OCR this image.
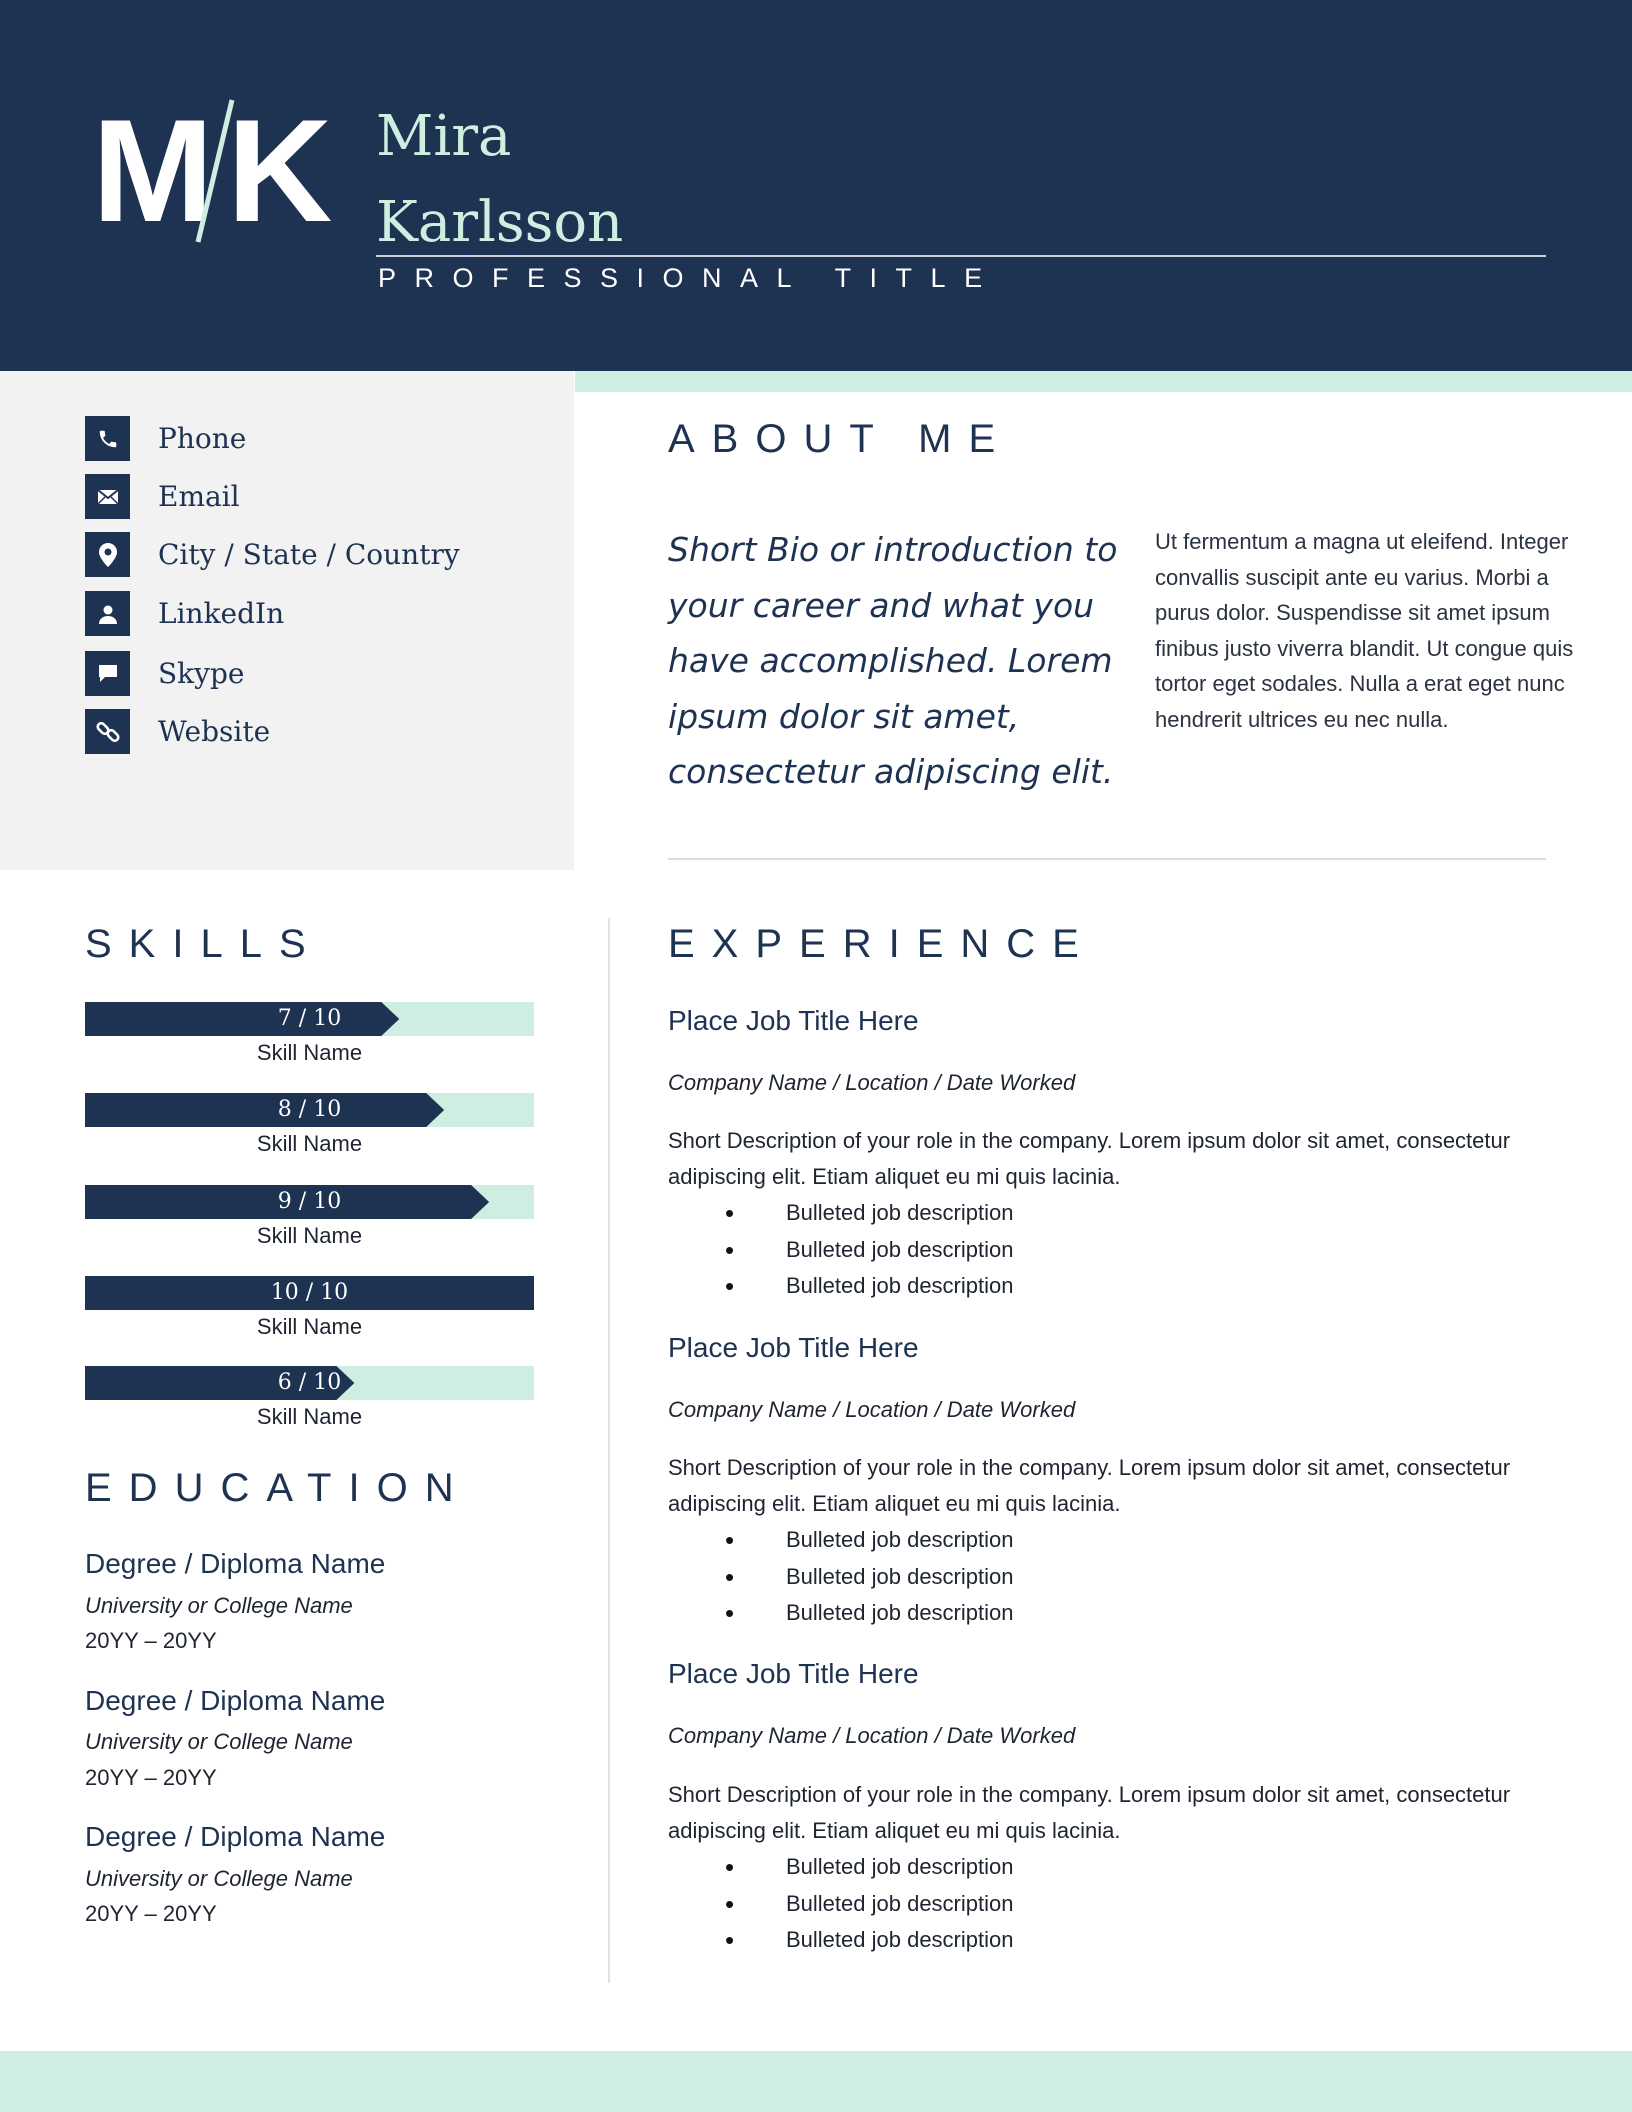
M K Mira
Karlsson
PROFESSIONAL TITLE
Phone
Email
City / State / Country
LinkedIn
Skype
Website
ABOUT ME
Short Bio or introduction to your career and what you have accomplished. Lorem ipsum dolor sit amet, consectetur adipiscing elit.
Ut fermentum a magna ut eleifend. Integer convallis suscipit ante eu varius. Morbi a purus dolor. Suspendisse sit amet ipsum finibus justo viverra blandit. Ut congue quis tortor eget sodales. Nulla a erat eget nunc hendrerit ultrices eu nec nulla.
SKILLS
7 / 10
Skill Name
8 / 10
Skill Name
9 / 10
Skill Name
10 / 10
Skill Name
6 / 10
Skill Name
EDUCATION
Degree / Diploma Name
University or College Name
20YY – 20YY
Degree / Diploma Name
University or College Name
20YY – 20YY
Degree / Diploma Name
University or College Name
20YY – 20YY
EXPERIENCE
Place Job Title Here
Company Name / Location / Date Worked
Short Description of your role in the company. Lorem ipsum dolor sit amet, consectetur adipiscing elit. Etiam aliquet eu mi quis lacinia.
• Bulleted job description
• Bulleted job description
• Bulleted job description
Place Job Title Here
Company Name / Location / Date Worked
Short Description of your role in the company. Lorem ipsum dolor sit amet, consectetur adipiscing elit. Etiam aliquet eu mi quis lacinia.
• Bulleted job description
• Bulleted job description
• Bulleted job description
Place Job Title Here
Company Name / Location / Date Worked
Short Description of your role in the company. Lorem ipsum dolor sit amet, consectetur adipiscing elit. Etiam aliquet eu mi quis lacinia.
• Bulleted job description
• Bulleted job description
• Bulleted job description
